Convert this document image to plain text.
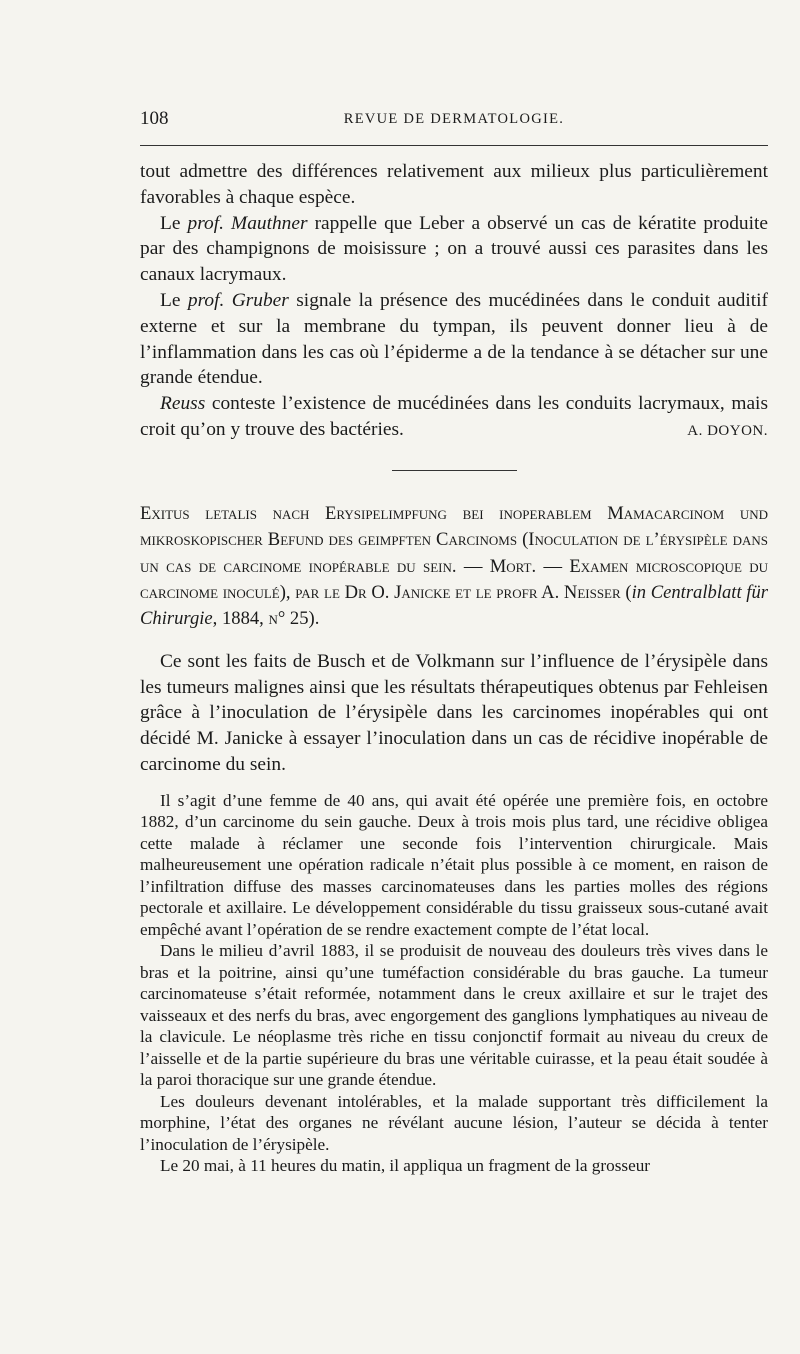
108	REVUE DE DERMATOLOGIE.

tout admettre des différences relativement aux milieux plus particulièrement favorables à chaque espèce.

Le prof. Mauthner rappelle que Leber a observé un cas de kératite produite par des champignons de moisissure ; on a trouvé aussi ces parasites dans les canaux lacrymaux.

Le prof. Gruber signale la présence des mucédinées dans le conduit auditif externe et sur la membrane du tympan, ils peuvent donner lieu à de l’inflammation dans les cas où l’épiderme a de la tendance à se détacher sur une grande étendue.

Reuss conteste l’existence de mucédinées dans les conduits lacrymaux, mais croit qu’on y trouve des bactéries.	A. DOYON.

Exitus letalis nach Erysipelimpfung bei inoperablem Mamacarcinom und mikroskopischer Befund des geimpften Carcinoms (Inoculation de l’érysipèle dans un cas de carcinome inopérable du sein. — Mort. — Examen microscopique du carcinome inoculé), par le Dr O. Janicke et le profr A. Neisser (in Centralblatt für Chirurgie, 1884, n° 25).

Ce sont les faits de Busch et de Volkmann sur l’influence de l’érysipèle dans les tumeurs malignes ainsi que les résultats thérapeutiques obtenus par Fehleisen grâce à l’inoculation de l’érysipèle dans les carcinomes inopérables qui ont décidé M. Janicke à essayer l’inoculation dans un cas de récidive inopérable de carcinome du sein.

Il s’agit d’une femme de 40 ans, qui avait été opérée une première fois, en octobre 1882, d’un carcinome du sein gauche. Deux à trois mois plus tard, une récidive obligea cette malade à réclamer une seconde fois l’intervention chirurgicale. Mais malheureusement une opération radicale n’était plus possible à ce moment, en raison de l’infiltration diffuse des masses carcinomateuses dans les parties molles des régions pectorale et axillaire. Le développement considérable du tissu graisseux sous-cutané avait empêché avant l’opération de se rendre exactement compte de l’état local.

Dans le milieu d’avril 1883, il se produisit de nouveau des douleurs très vives dans le bras et la poitrine, ainsi qu’une tuméfaction considérable du bras gauche. La tumeur carcinomateuse s’était reformée, notamment dans le creux axillaire et sur le trajet des vaisseaux et des nerfs du bras, avec engorgement des ganglions lymphatiques au niveau de la clavicule. Le néoplasme très riche en tissu conjonctif formait au niveau du creux de l’aisselle et de la partie supérieure du bras une véritable cuirasse, et la peau était soudée à la paroi thoracique sur une grande étendue.

Les douleurs devenant intolérables, et la malade supportant très difficilement la morphine, l’état des organes ne révélant aucune lésion, l’auteur se décida à tenter l’inoculation de l’érysipèle.

Le 20 mai, à 11 heures du matin, il appliqua un fragment de la grosseur
